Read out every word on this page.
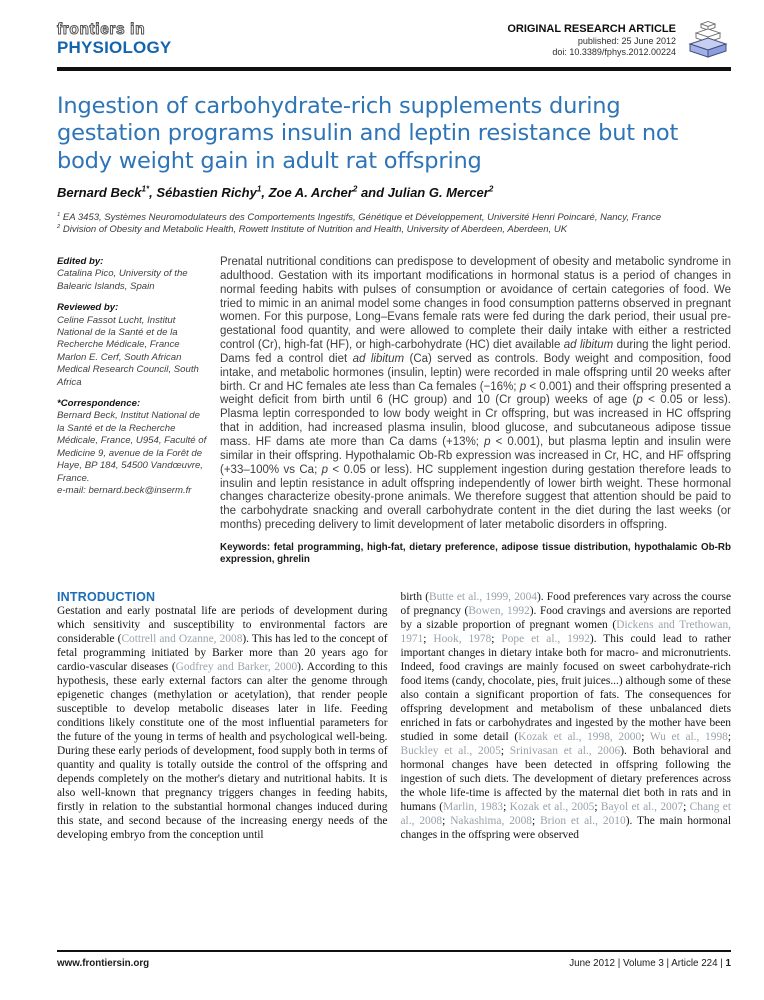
frontiers in
PHYSIOLOGY
ORIGINAL RESEARCH ARTICLE
published: 25 June 2012
doi: 10.3389/fphys.2012.00224
Ingestion of carbohydrate-rich supplements during gestation programs insulin and leptin resistance but not body weight gain in adult rat offspring
Bernard Beck$^{1*}$, Sébastien Richy$^1$, Zoe A. Archer$^2$ and Julian G. Mercer$^2$
$^1$ EA 3453, Systèmes Neuromodulateurs des Comportements Ingestifs, Génétique et Développement, Université Henri Poincaré, Nancy, France
$^2$ Division of Obesity and Metabolic Health, Rowett Institute of Nutrition and Health, University of Aberdeen, Aberdeen, UK
Edited by:
Catalina Pico, University of the Balearic Islands, Spain
Reviewed by:
Celine Fassot Lucht, Institut National de la Santé et de la Recherche Médicale, France
Marlon E. Cerf, South African Medical Research Council, South Africa
*Correspondence:
Bernard Beck, Institut National de la Santé et de la Recherche Médicale, France, U954, Faculté of Medicine 9, avenue de la Forêt de Haye, BP 184, 54500 Vandœuvre, France.
e-mail: bernard.beck@inserm.fr

Prenatal nutritional conditions can predispose to development of obesity and metabolic syndrome in adulthood. Gestation with its important modifications in hormonal status is a period of changes in normal feeding habits with pulses of consumption or avoidance of certain categories of food. We tried to mimic in an animal model some changes in food consumption patterns observed in pregnant women. For this purpose, Long–Evans female rats were fed during the dark period, their usual pre-gestational food quantity, and were allowed to complete their daily intake with either a restricted control (Cr), high-fat (HF), or high-carbohydrate (HC) diet available ad libitum during the light period. Dams fed a control diet ad libitum (Ca) served as controls. Body weight and composition, food intake, and metabolic hormones (insulin, leptin) were recorded in male offspring until 20 weeks after birth. Cr and HC females ate less than Ca females (−16%; p < 0.001) and their offspring presented a weight deficit from birth until 6 (HC group) and 10 (Cr group) weeks of age (p < 0.05 or less). Plasma leptin corresponded to low body weight in Cr offspring, but was increased in HC offspring that in addition, had increased plasma insulin, blood glucose, and subcutaneous adipose tissue mass. HF dams ate more than Ca dams (+13%; p < 0.001), but plasma leptin and insulin were similar in their offspring. Hypothalamic Ob-Rb expression was increased in Cr, HC, and HF offspring (+33–100% vs Ca; p < 0.05 or less). HC supplement ingestion during gestation therefore leads to insulin and leptin resistance in adult offspring independently of lower birth weight. These hormonal changes characterize obesity-prone animals. We therefore suggest that attention should be paid to the carbohydrate snacking and overall carbohydrate content in the diet during the last weeks (or months) preceding delivery to limit development of later metabolic disorders in offspring.

Keywords: fetal programming, high-fat, dietary preference, adipose tissue distribution, hypothalamic Ob-Rb expression, ghrelin

INTRODUCTION
Gestation and early postnatal life are periods of development during which sensitivity and susceptibility to environmental factors are considerable (Cottrell and Ozanne, 2008). This has led to the concept of fetal programming initiated by Barker more than 20 years ago for cardio-vascular diseases (Godfrey and Barker, 2000). According to this hypothesis, these early external factors can alter the genome through epigenetic changes (methylation or acetylation), that render people susceptible to develop metabolic diseases later in life. Feeding conditions likely constitute one of the most influential parameters for the future of the young in terms of health and psychological well-being. During these early periods of development, food supply both in terms of quantity and quality is totally outside the control of the offspring and depends completely on the mother's dietary and nutritional habits. It is also well-known that pregnancy triggers changes in feeding habits, firstly in relation to the substantial hormonal changes induced during this state, and second because of the increasing energy needs of the developing embryo from the conception until
birth (Butte et al., 1999, 2004). Food preferences vary across the course of pregnancy (Bowen, 1992). Food cravings and aversions are reported by a sizable proportion of pregnant women (Dickens and Trethowan, 1971; Hook, 1978; Pope et al., 1992). This could lead to rather important changes in dietary intake both for macro- and micronutrients. Indeed, food cravings are mainly focused on sweet carbohydrate-rich food items (candy, chocolate, pies, fruit juices...) although some of these also contain a significant proportion of fats. The consequences for offspring development and metabolism of these unbalanced diets enriched in fats or carbohydrates and ingested by the mother have been studied in some detail (Kozak et al., 1998, 2000; Wu et al., 1998; Buckley et al., 2005; Srinivasan et al., 2006). Both behavioral and hormonal changes have been detected in offspring following the ingestion of such diets. The development of dietary preferences across the whole life-time is affected by the maternal diet both in rats and in humans (Marlin, 1983; Kozak et al., 2005; Bayol et al., 2007; Chang et al., 2008; Nakashima, 2008; Brion et al., 2010). The main hormonal changes in the offspring were observed
www.frontiersin.org	June 2012 | Volume 3 | Article 224 | 1
